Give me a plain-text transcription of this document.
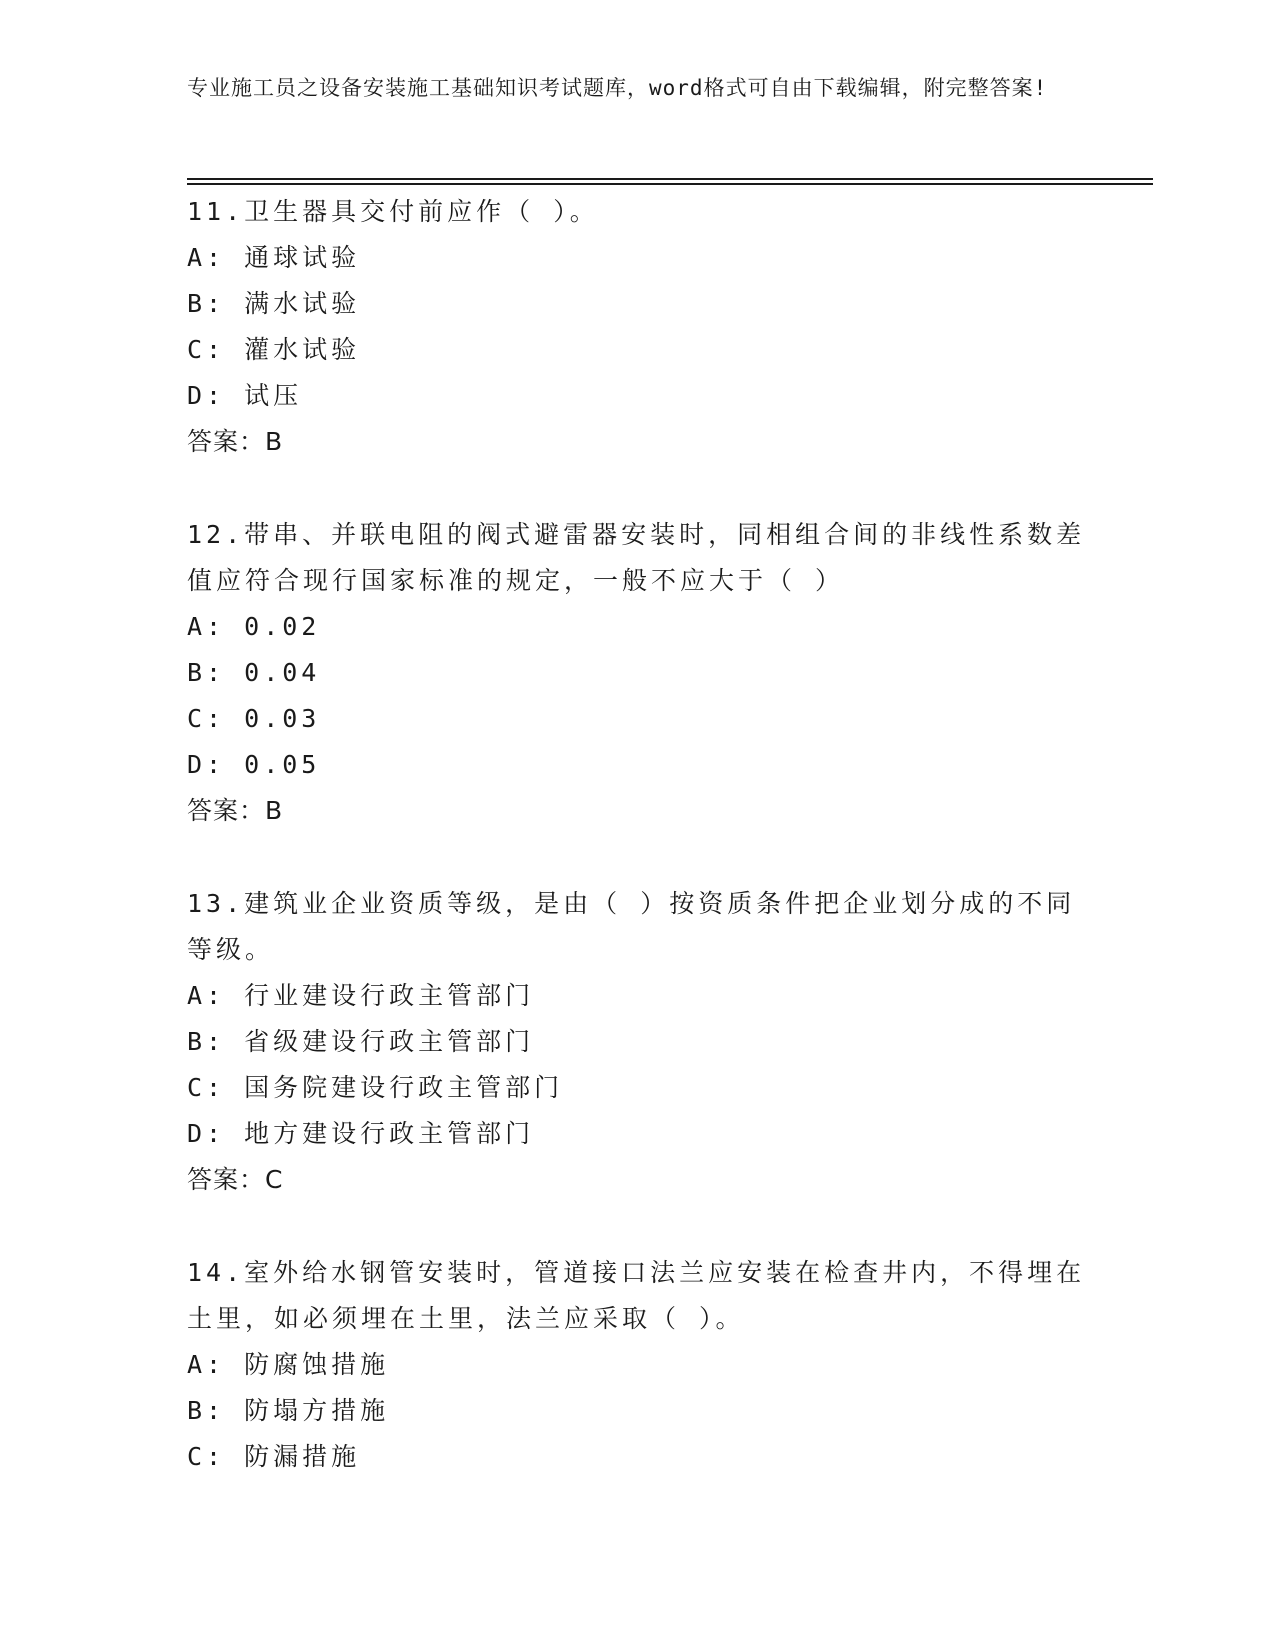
专业施工员之设备安装施工基础知识考试题库，word格式可自由下载编辑，附完整答案!

11.卫生器具交付前应作（ ）。

A: 通球试验

B: 满水试验

C: 灌水试验

D: 试压

答案：B

12.带串、并联电阻的阀式避雷器安装时，同相组合间的非线性系数差值应符合现行国家标准的规定，一般不应大于（ ）

A: 0.02

B: 0.04

C: 0.03

D: 0.05

答案：B

13.建筑业企业资质等级，是由（ ）按资质条件把企业划分成的不同等级。

A: 行业建设行政主管部门

B: 省级建设行政主管部门

C: 国务院建设行政主管部门

D: 地方建设行政主管部门

答案：C

14.室外给水钢管安装时，管道接口法兰应安装在检查井内，不得埋在土里，如必须埋在土里，法兰应采取（ ）。

A: 防腐蚀措施

B: 防塌方措施

C: 防漏措施
